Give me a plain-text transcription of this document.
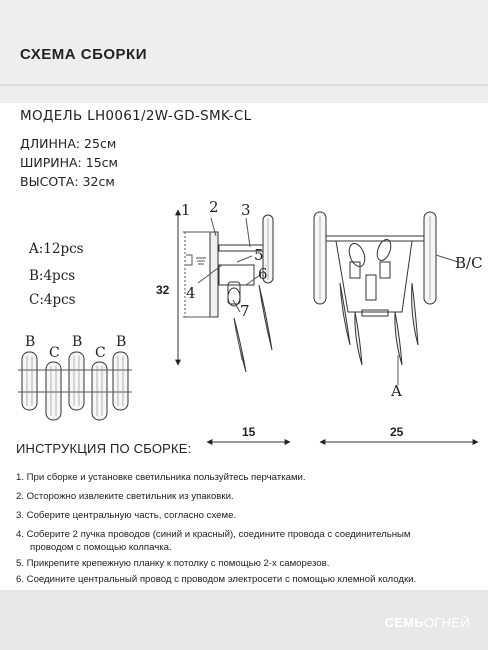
СХЕМА СБОРКИ
МОДЕЛЬ LH0061/2W-GD-SMK-CL
ДЛИННА: 25см
ШИРИНА: 15см
ВЫСОТА: 32см
A:12pcs
B:4pcs
C:4pcs
B
C
B
C
B
1 2 3
4
5
6
7
32
B/C
A
15	25
ИНСТРУКЦИЯ ПО СБОРКЕ:
1. При сборке и установке светильника пользуйтесь перчатками.
2. Осторожно извлеките светильник из упаковки.
3. Соберите центральную часть, согласно схеме.
4. Соберите 2 пучка проводов (синий и красный), соедините провода с соединительным
проводом с помощью колпачка.
5. Прикрепите крепежную планку к потолку с помощью 2-х саморезов.
6. Соедините центральный провод с проводом электросети с помощью клемной колодки.
СЕМЬОГНЕЙ
